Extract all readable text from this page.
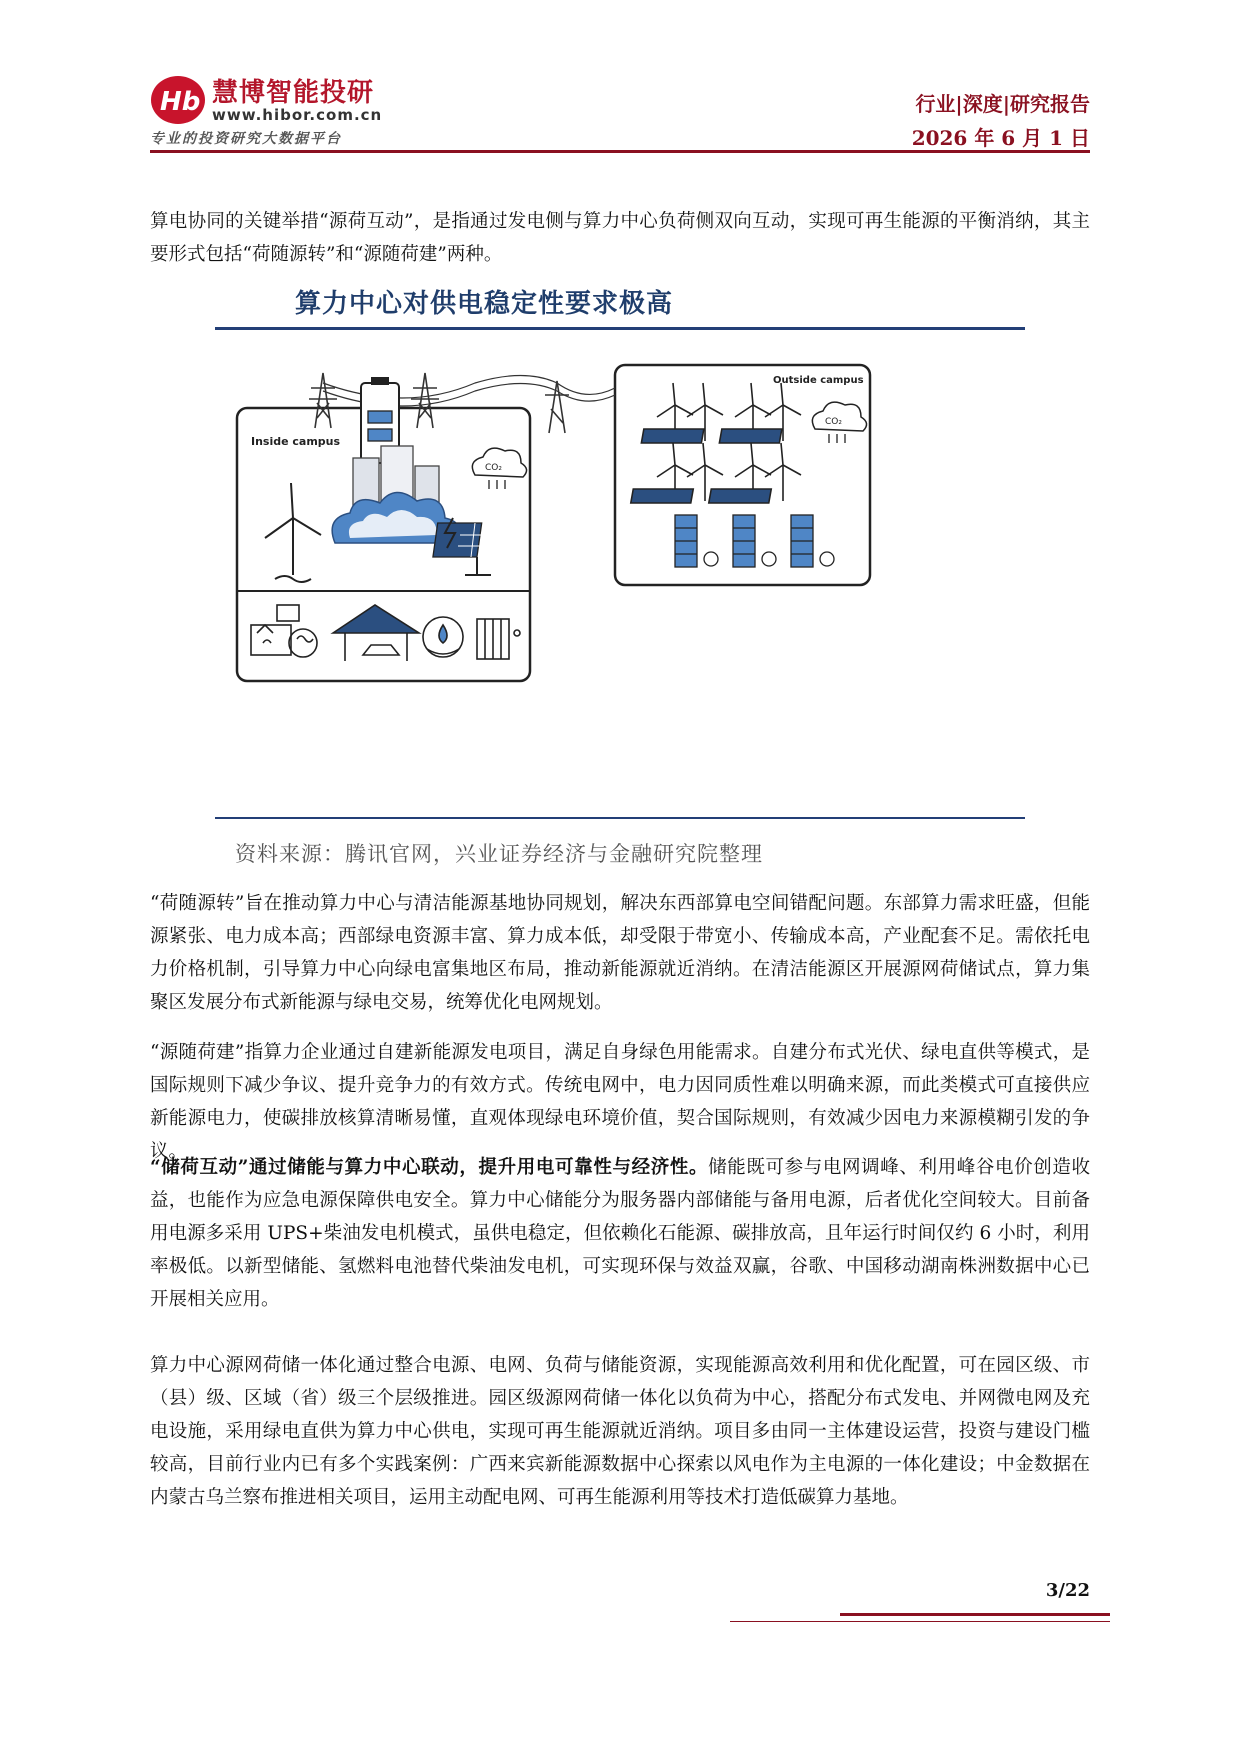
Hb 慧博智能投研
www.hibor.com.cn
专业的投资研究大数据平台
行业|深度|研究报告
2026 年 6 月 1 日

算电协同的关键举措“源荷互动”，是指通过发电侧与算力中心负荷侧双向互动，实现可再生能源的平衡消纳，其主要形式包括“荷随源转”和“源随荷建”两种。

算力中心对供电稳定性要求极高
Inside campus
Outside campus
CO₂
CO₂
资料来源：腾讯官网，兴业证券经济与金融研究院整理

“荷随源转”旨在推动算力中心与清洁能源基地协同规划，解决东西部算电空间错配问题。东部算力需求旺盛，但能源紧张、电力成本高；西部绿电资源丰富、算力成本低，却受限于带宽小、传输成本高，产业配套不足。需依托电力价格机制，引导算力中心向绿电富集地区布局，推动新能源就近消纳。在清洁能源区开展源网荷储试点，算力集聚区发展分布式新能源与绿电交易，统筹优化电网规划。

“源随荷建”指算力企业通过自建新能源发电项目，满足自身绿色用能需求。自建分布式光伏、绿电直供等模式，是国际规则下减少争议、提升竞争力的有效方式。传统电网中，电力因同质性难以明确来源，而此类模式可直接供应新能源电力，使碳排放核算清晰易懂，直观体现绿电环境价值，契合国际规则，有效减少因电力来源模糊引发的争议。

“储荷互动”通过储能与算力中心联动，提升用电可靠性与经济性。储能既可参与电网调峰、利用峰谷电价创造收益，也能作为应急电源保障供电安全。算力中心储能分为服务器内部储能与备用电源，后者优化空间较大。目前备用电源多采用 UPS+柴油发电机模式，虽供电稳定，但依赖化石能源、碳排放高，且年运行时间仅约 6 小时，利用率极低。以新型储能、氢燃料电池替代柴油发电机，可实现环保与效益双赢，谷歌、中国移动湖南株洲数据中心已开展相关应用。

算力中心源网荷储一体化通过整合电源、电网、负荷与储能资源，实现能源高效利用和优化配置，可在园区级、市（县）级、区域（省）级三个层级推进。园区级源网荷储一体化以负荷为中心，搭配分布式发电、并网微电网及充电设施，采用绿电直供为算力中心供电，实现可再生能源就近消纳。项目多由同一主体建设运营，投资与建设门槛较高，目前行业内已有多个实践案例：广西来宾新能源数据中心探索以风电作为主电源的一体化建设；中金数据在内蒙古乌兰察布推进相关项目，运用主动配电网、可再生能源利用等技术打造低碳算力基地。

3/22
